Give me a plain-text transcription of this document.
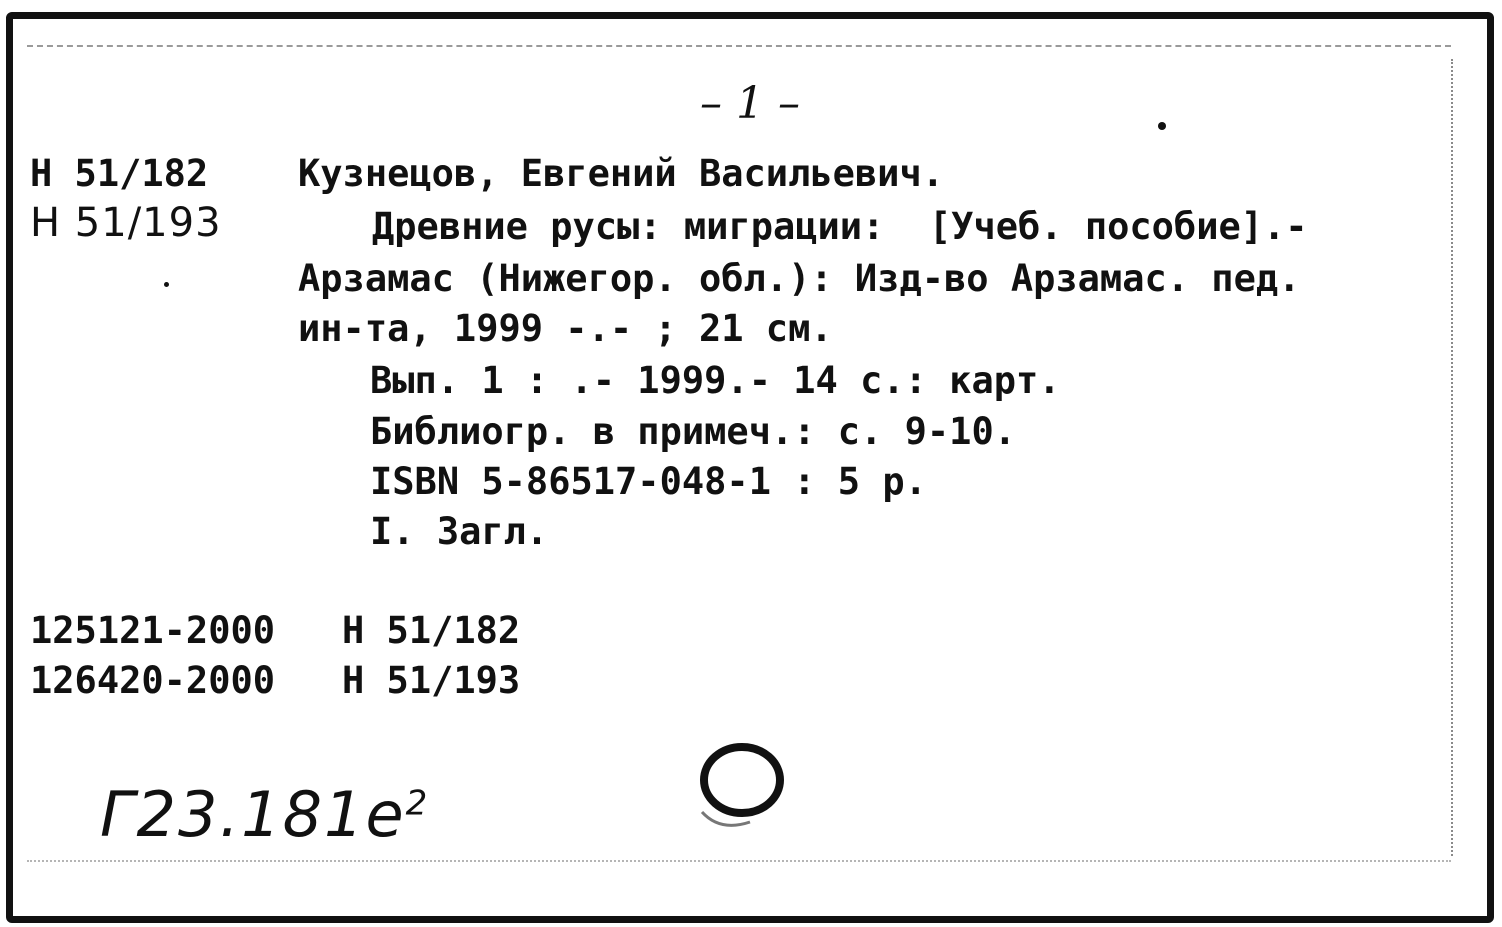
– 1 –
Н 51/182
Н 51/193
Кузнецов, Евгений Васильевич.
Древние русы: миграции:  [Учеб. пособие].-
Арзамас (Нижегор. обл.): Изд-во Арзамас. пед.
ин-та, 1999 -.- ; 21 см.
Вып. 1 : .- 1999.- 14 с.: карт.
Библиогр. в примеч.: с. 9-10.
ISBN 5-86517-048-1 : 5 р.
I. Загл.
125121-2000 Н 51/182
126420-2000 Н 51/193
$Г23.181е^2$
